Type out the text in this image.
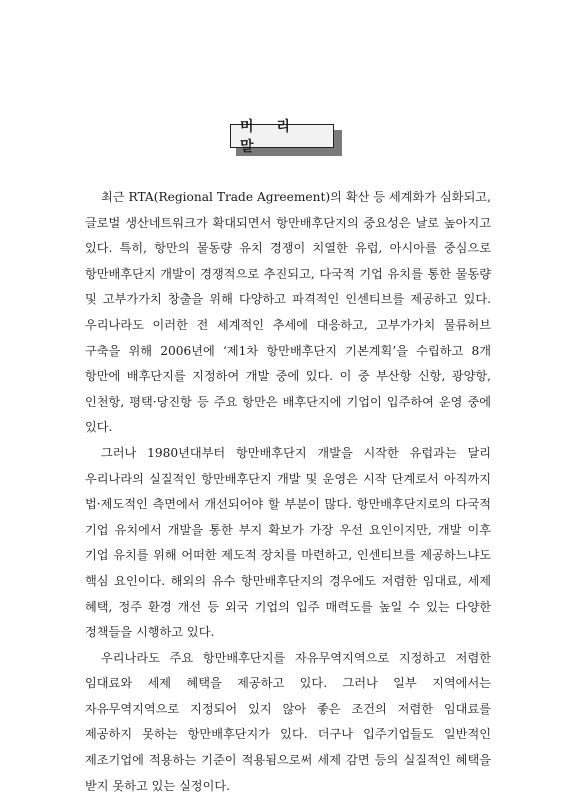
머 리 말

최근 RTA(Regional Trade Agreement)의 확산 등 세계화가 심화되고, 글로벌 생산네트워크가 확대되면서 항만배후단지의 중요성은 날로 높아지고 있다. 특히, 항만의 물동량 유치 경쟁이 치열한 유럽, 아시아를 중심으로 항만배후단지 개발이 경쟁적으로 추진되고, 다국적 기업 유치를 통한 물동량 및 고부가가치 창출을 위해 다양하고 파격적인 인센티브를 제공하고 있다. 우리나라도 이러한 전 세계적인 추세에 대응하고, 고부가가치 물류허브 구축을 위해 2006년에 ‘제1차 항만배후단지 기본계획’을 수립하고 8개 항만에 배후단지를 지정하여 개발 중에 있다. 이 중 부산항 신항, 광양항, 인천항, 평택·당진항 등 주요 항만은 배후단지에 기업이 입주하여 운영 중에 있다.

그러나 1980년대부터 항만배후단지 개발을 시작한 유럽과는 달리 우리나라의 실질적인 항만배후단지 개발 및 운영은 시작 단계로서 아직까지 법·제도적인 측면에서 개선되어야 할 부분이 많다. 항만배후단지로의 다국적 기업 유치에서 개발을 통한 부지 확보가 가장 우선 요인이지만, 개발 이후 기업 유치를 위해 어떠한 제도적 장치를 마련하고, 인센티브를 제공하느냐도 핵심 요인이다. 해외의 유수 항만배후단지의 경우에도 저렴한 임대료, 세제 혜택, 정주 환경 개선 등 외국 기업의 입주 매력도를 높일 수 있는 다양한 정책들을 시행하고 있다.

우리나라도 주요 항만배후단지를 자유무역지역으로 지정하고 저렴한 임대료와 세제 혜택을 제공하고 있다. 그러나 일부 지역에서는 자유무역지역으로 지정되어 있지 않아 좋은 조건의 저렴한 임대료를 제공하지 못하는 항만배후단지가 있다. 더구나 입주기업들도 일반적인 제조기업에 적용하는 기준이 적용됨으로써 세제 감면 등의 실질적인 혜택을 받지 못하고 있는 실정이다.
